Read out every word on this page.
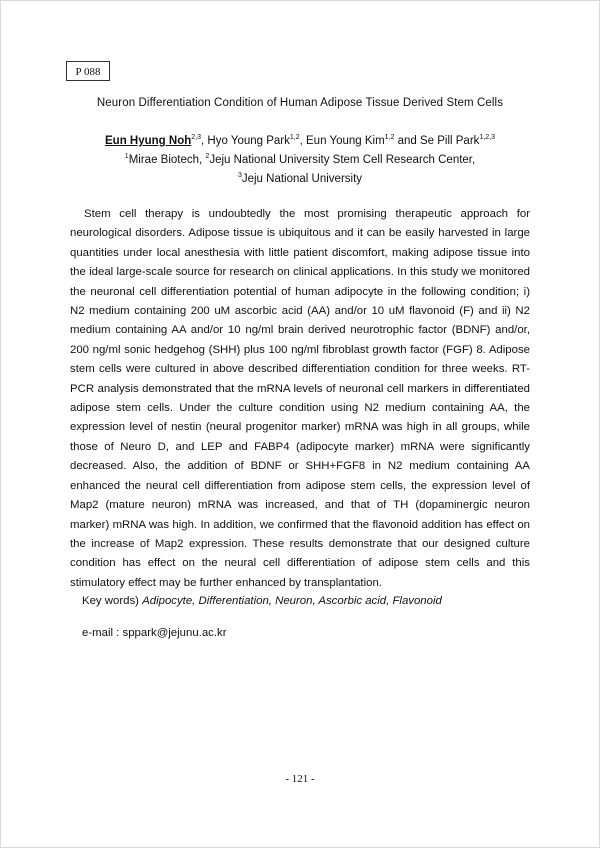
P 088
Neuron Differentiation Condition of Human Adipose Tissue Derived Stem Cells
Eun Hyung Noh$^{2,3}$, Hyo Young Park$^{1,2}$, Eun Young Kim$^{1,2}$ and Se Pill Park$^{1,2,3}$
$^1$Mirae Biotech, $^2$Jeju National University Stem Cell Research Center,
$^3$Jeju National University

Stem cell therapy is undoubtedly the most promising therapeutic approach for neurological disorders. Adipose tissue is ubiquitous and it can be easily harvested in large quantities under local anesthesia with little patient discomfort, making adipose tissue into the ideal large-scale source for research on clinical applications. In this study we monitored the neuronal cell differentiation potential of human adipocyte in the following condition; i) N2 medium containing 200 uM ascorbic acid (AA) and/or 10 uM flavonoid (F) and ii) N2 medium containing AA and/or 10 ng/ml brain derived neurotrophic factor (BDNF) and/or, 200 ng/ml sonic hedgehog (SHH) plus 100 ng/ml fibroblast growth factor (FGF) 8. Adipose stem cells were cultured in above described differentiation condition for three weeks. RT-PCR analysis demonstrated that the mRNA levels of neuronal cell markers in differentiated adipose stem cells. Under the culture condition using N2 medium containing AA, the expression level of nestin (neural progenitor marker) mRNA was high in all groups, while those of Neuro D, and LEP and FABP4 (adipocyte marker) mRNA were significantly decreased. Also, the addition of BDNF or SHH+FGF8 in N2 medium containing AA enhanced the neural cell differentiation from adipose stem cells, the expression level of Map2 (mature neuron) mRNA was increased, and that of TH (dopaminergic neuron marker) mRNA was high. In addition, we confirmed that the flavonoid addition has effect on the increase of Map2 expression. These results demonstrate that our designed culture condition has effect on the neural cell differentiation of adipose stem cells and this stimulatory effect may be further enhanced by transplantation.

Key words) Adipocyte, Differentiation, Neuron, Ascorbic acid, Flavonoid
e-mail : sppark@jejunu.ac.kr
- 121 -
